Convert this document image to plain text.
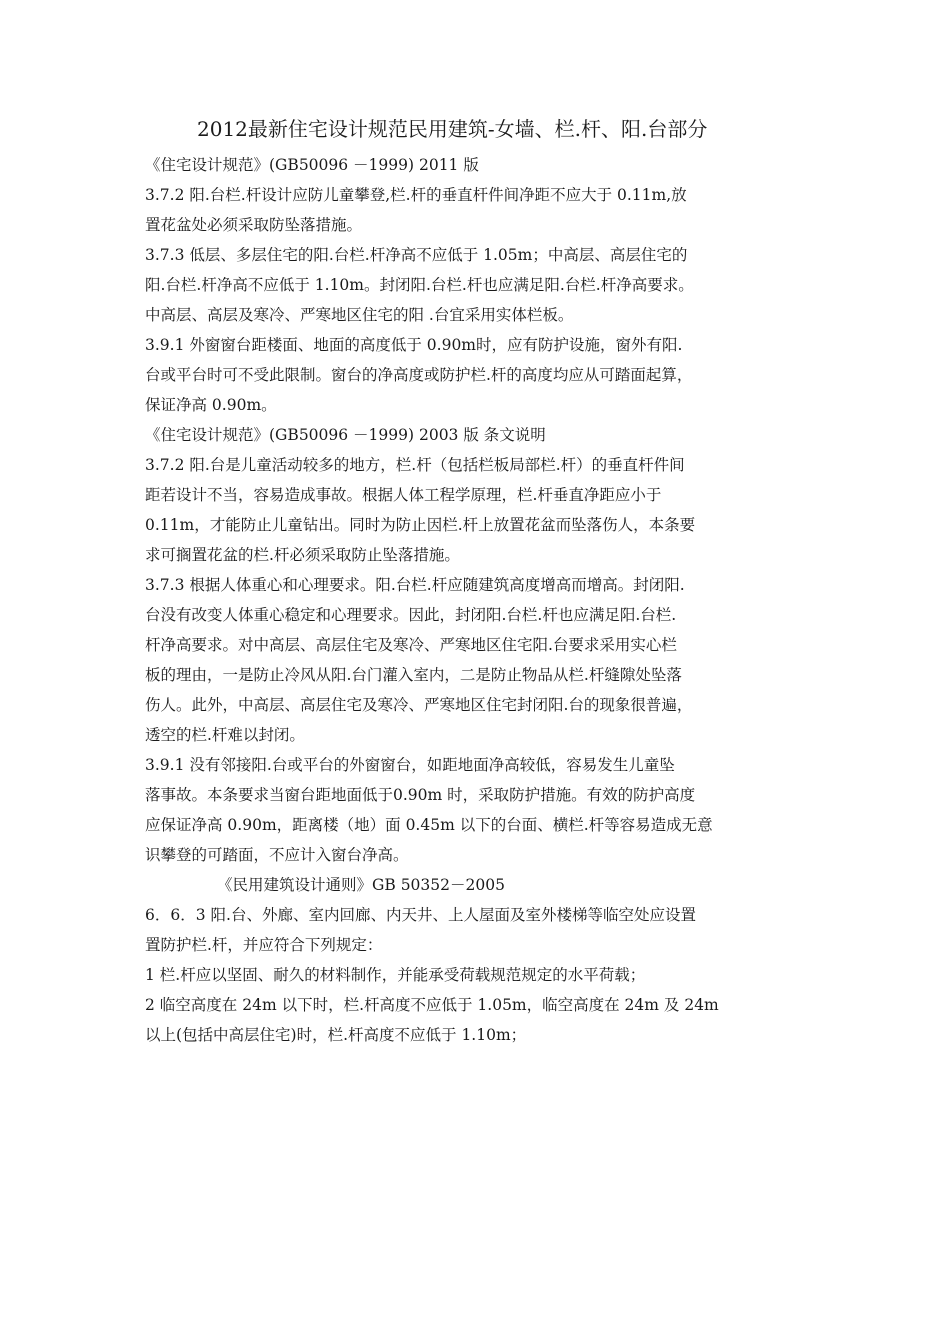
2012最新住宅设计规范民用建筑-女墙、栏.杆、阳.台部分

《住宅设计规范》(GB50096 －1999) 2011 版

3.7.2 阳.台栏.杆设计应防儿童攀登,栏.杆的垂直杆件间净距不应大于 0.11m,放

置花盆处必须采取防坠落措施。

3.7.3 低层、多层住宅的阳.台栏.杆净高不应低于 1.05m；中高层、高层住宅的

阳.台栏.杆净高不应低于 1.10m。封闭阳.台栏.杆也应满足阳.台栏.杆净高要求。

中高层、高层及寒冷、严寒地区住宅的阳 .台宜采用实体栏板。

3.9.1 外窗窗台距楼面、地面的高度低于 0.90m时，应有防护设施，窗外有阳.

台或平台时可不受此限制。窗台的净高度或防护栏.杆的高度均应从可踏面起算，

保证净高 0.90m。

《住宅设计规范》(GB50096 －1999) 2003 版 条文说明

3.7.2 阳.台是儿童活动较多的地方，栏.杆（包括栏板局部栏.杆）的垂直杆件间

距若设计不当，容易造成事故。根据人体工程学原理，栏.杆垂直净距应小于

0.11m，才能防止儿童钻出。同时为防止因栏.杆上放置花盆而坠落伤人，本条要

求可搁置花盆的栏.杆必须采取防止坠落措施。

3.7.3 根据人体重心和心理要求。阳.台栏.杆应随建筑高度增高而增高。封闭阳.

台没有改变人体重心稳定和心理要求。因此，封闭阳.台栏.杆也应满足阳.台栏.

杆净高要求。对中高层、高层住宅及寒冷、严寒地区住宅阳.台要求采用实心栏

板的理由，一是防止冷风从阳.台门灌入室内，二是防止物品从栏.杆缝隙处坠落

伤人。此外，中高层、高层住宅及寒冷、严寒地区住宅封闭阳.台的现象很普遍，

透空的栏.杆难以封闭。

3.9.1 没有邻接阳.台或平台的外窗窗台，如距地面净高较低，容易发生儿童坠

落事故。本条要求当窗台距地面低于0.90m 时，采取防护措施。有效的防护高度

应保证净高 0.90m，距离楼（地）面 0.45m 以下的台面、横栏.杆等容易造成无意

识攀登的可踏面，不应计入窗台净高。

《民用建筑设计通则》GB 50352－2005

6．6．3 阳.台、外廊、室内回廊、内天井、上人屋面及室外楼梯等临空处应设置

置防护栏.杆，并应符合下列规定：

1 栏.杆应以坚固、耐久的材料制作，并能承受荷载规范规定的水平荷载；

2 临空高度在 24m 以下时，栏.杆高度不应低于 1.05m，临空高度在 24m 及 24m

以上(包括中高层住宅)时，栏.杆高度不应低于 1.10m；
